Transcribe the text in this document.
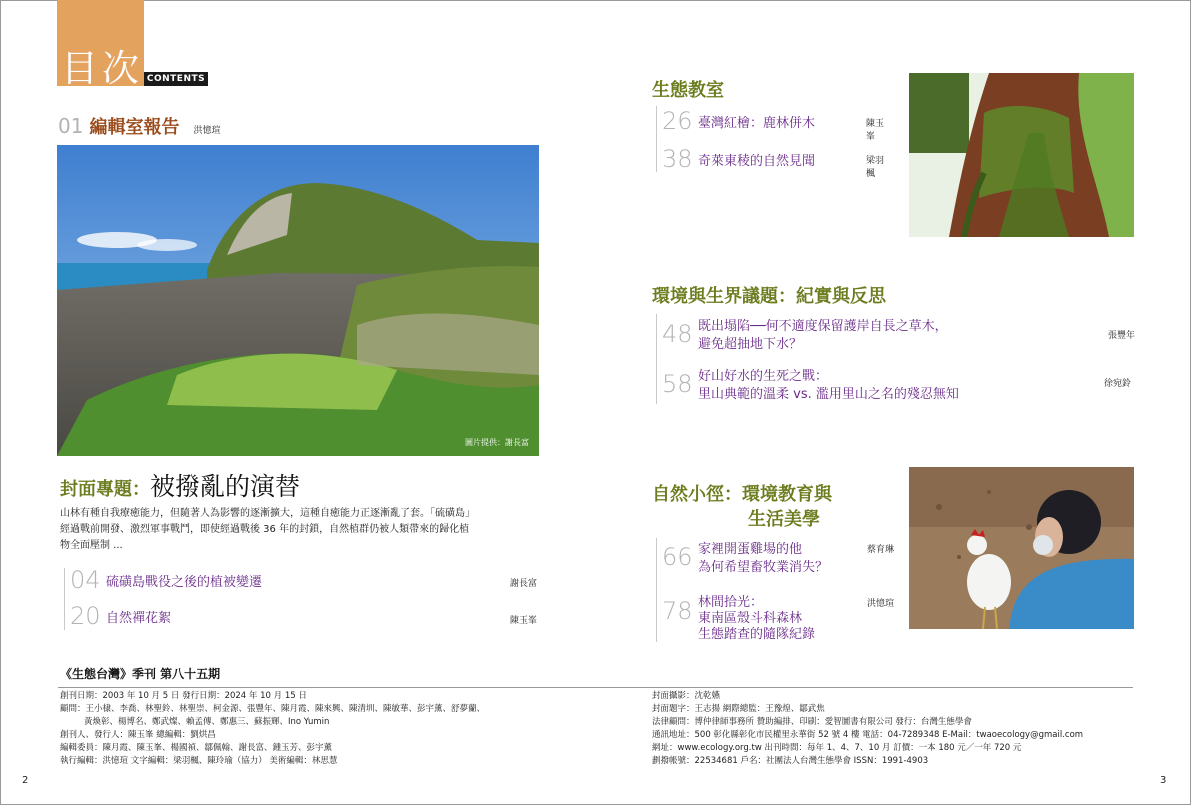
目次 CONTENTS
01 編輯室報告 洪憶瑄
圖片提供：謝長富
封面專題： 被撥亂的演替
山林有種自我療癒能力，但隨著人為影響的逐漸擴大，這種自癒能力正逐漸亂了套。「硫磺島」
經過戰前開發、激烈軍事戰鬥，即使經過戰後 36 年的封鎖，自然植群仍被人類帶來的歸化植
物全面壓制 ...
04 硫磺島戰役之後的植被變遷	謝長富
20 自然禪花絮	陳玉峯
生態教室
26 臺灣紅檜：鹿林併木	陳玉峯
38 奇萊東稜的自然見聞	梁羽楓
環境與生界議題：紀實與反思
48 既出塌陷──何不適度保留護岸自長之草木，
避免超抽地下水？
張豐年
58 好山好水的生死之戰：
里山典範的溫柔 vs. 濫用里山之名的殘忍無知
徐宛鈴
自然小徑：環境教育與
生活美學
66 家裡開蛋雞場的他
為何希望畜牧業消失？
蔡育琳
78 林間拾光：
東南區殼斗科森林
生態踏查的隨隊紀錄
洪憶瑄
《生態台灣》季刊 第八十五期
創刊日期：2003 年 10 月 5 日 發行日期：2024 年 10 月 15 日
顧問：王小棣、李喬、林聖鈴、林聖崇、柯金源、張豐年、陳月霞、陳來興、陳清圳、陳敏華、彭宇薰、舒夢蘭、
黃煥彰、楊博名、鄭武燦、賴孟傳、鄭惠三、蘇振輝、Ino Yumin
創刊人、發行人：陳玉峯 總編輯：劉烘昌
編輯委員：陳月霞、陳玉峯、楊國禎、鄒佩翰、謝長富、鍾玉芳、彭宇薰
執行編輯：洪憶瑄 文字編輯：梁羽楓、陳玲瑜（協力） 美術編輯：林思慧
封面攝影：沈乾嬿
封面題字：王志揚 網際總監：王豫煌、鄒武焦
法律顧問：博仲律師事務所 贊助編排、印刷：愛智圖書有限公司 發行：台灣生態學會
通訊地址：500 彰化縣彰化市民權里永華街 52 號 4 樓 電話：04-7289348 E-Mail：twaoecology@gmail.com
網址：www.ecology.org.tw 出刊時間：每年 1、4、7、10 月 訂價：一本 180 元／一年 720 元
劃撥帳號：22534681 戶名：社團法人台灣生態學會 ISSN：1991-4903
2	3
